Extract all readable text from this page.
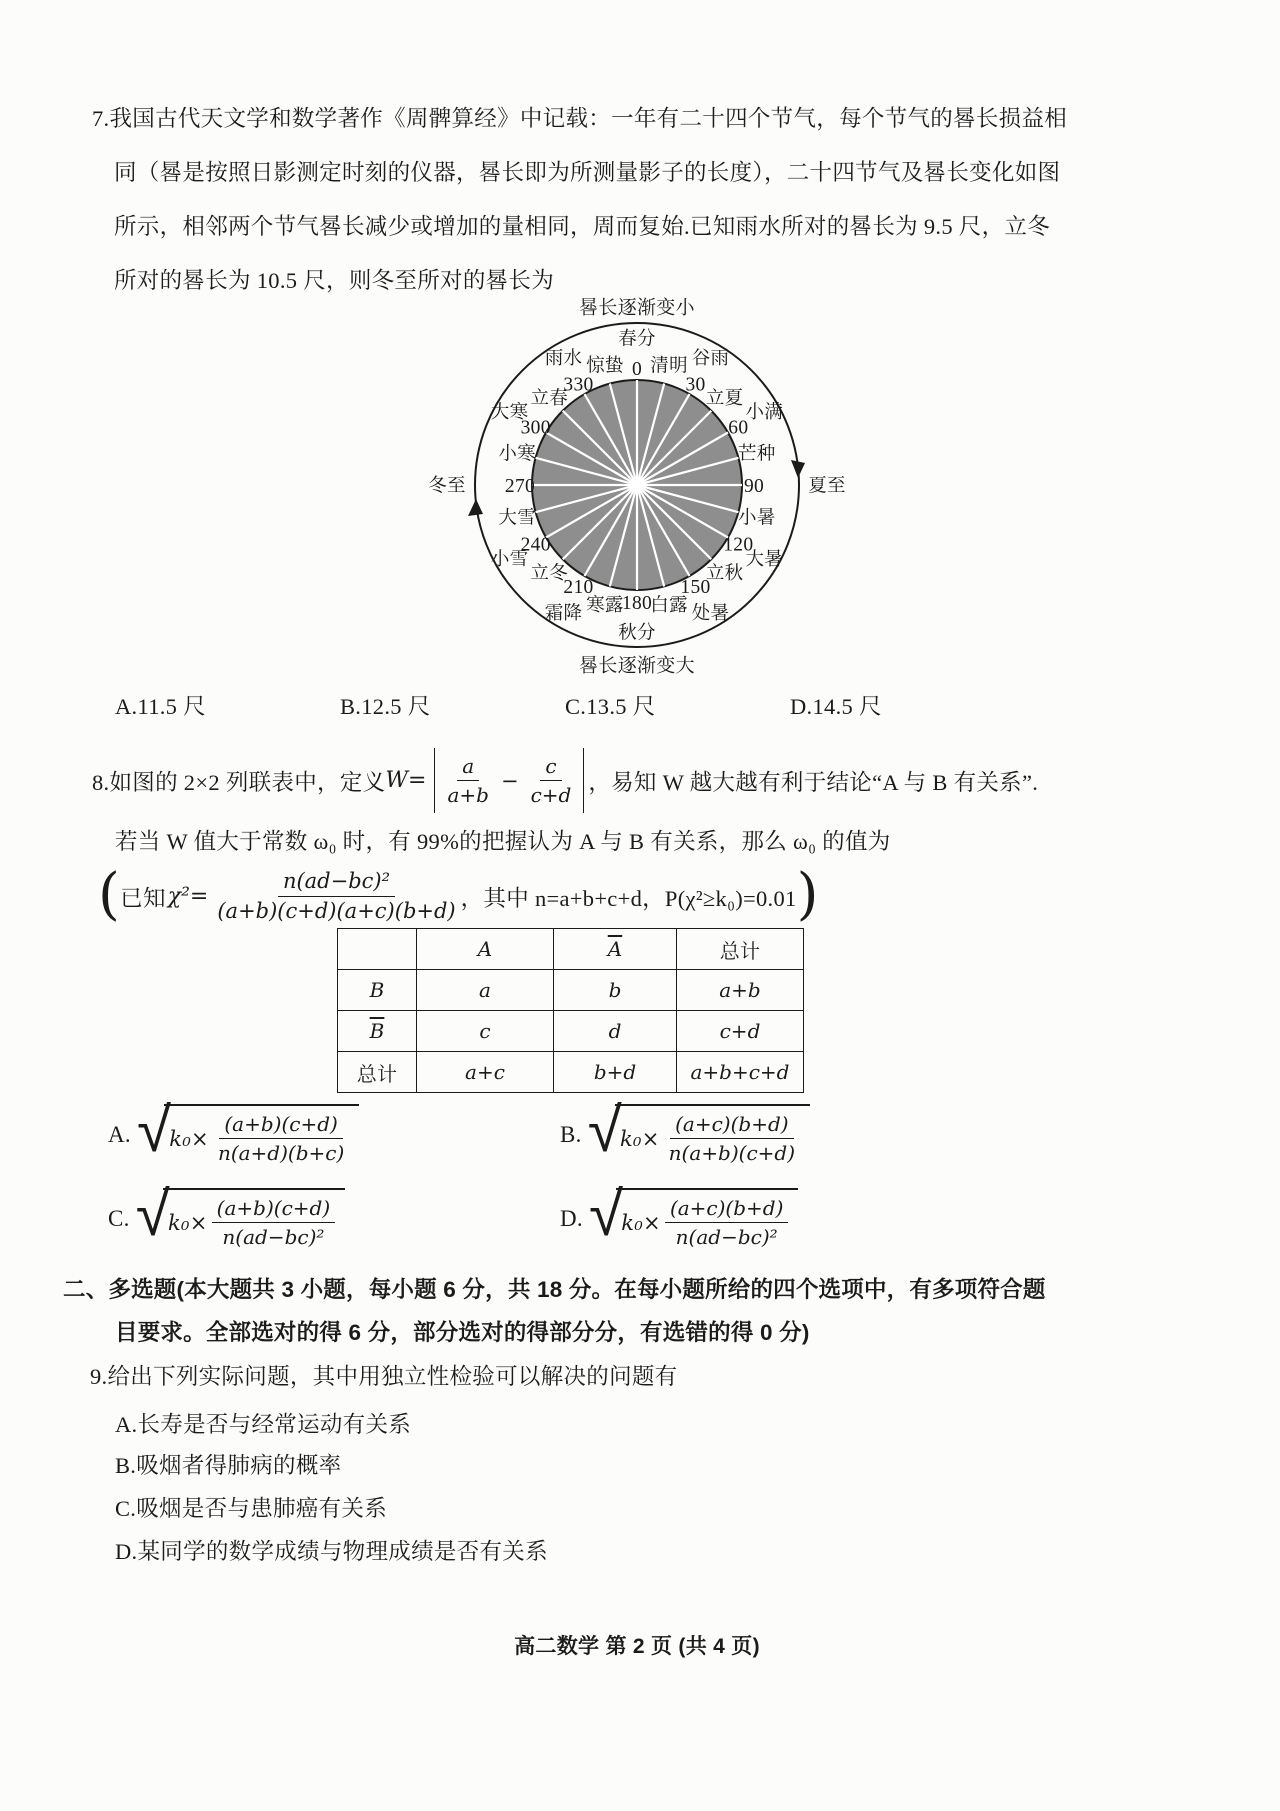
7.我国古代天文学和数学著作《周髀算经》中记载：一年有二十四个节气，每个节气的晷长损益相
同（晷是按照日影测定时刻的仪器，晷长即为所测量影子的长度），二十四节气及晷长变化如图
所示，相邻两个节气晷长减少或增加的量相同，周而复始.已知雨水所对的晷长为 9.5 尺，立冬
所对的晷长为 10.5 尺，则冬至所对的晷长为
0
30
60
90
120
150
180
210
240
270
300
330
清明
立夏
芒种
小暑
立秋
白露
寒露
立冬
大雪
小寒
立春
惊蛰
春分
谷雨
小满
夏至
大暑
处暑
秋分
霜降
小雪
冬至
大寒
雨水
晷长逐渐变小
晷长逐渐变大
A.11.5 尺	B.12.5 尺	C.13.5 尺	D.14.5 尺
8.如图的 2×2 列联表中，定义 $W= \frac{a}{a+b} - \frac{c}{c+d}$ ，易知 W 越大越有利于结论“A 与 B 有关系”.
若当 W 值大于常数 ω₀ 时，有 99%的把握认为 A 与 B 有关系，那么 ω₀ 的值为
( 已知 $\chi^2= \frac{\text{n(ad−bc)²}}{(a+b)(c+d)(a+c)(b+d)}$ ，其中 n=a+b+c+d，P(χ²≥k₀)=0.01 )
	A	$\overline{A}$	总计
B	a	b	a+b
$\overline{B}$	c	d	c+d
总计	a+c	b+d	a+b+c+d
A. √
$k_0\times \frac{(a+b)(c+d)}{n(a+d)(b+c)}$	B. √
$k_0\times \frac{(a+c)(b+d)}{n(a+b)(c+d)}$
C. √
$k_0\times \frac{(a+b)(c+d)}{\text{n(ad−bc)²}}$	D. √
$k_0\times \frac{(a+c)(b+d)}{\text{n(ad−bc)²}}$
二、多选题(本大题共 3 小题，每小题 6 分，共 18 分。在每小题所给的四个选项中，有多项符合题
目要求。全部选对的得 6 分，部分选对的得部分分，有选错的得 0 分)
9.给出下列实际问题，其中用独立性检验可以解决的问题有
A.长寿是否与经常运动有关系
B.吸烟者得肺病的概率
C.吸烟是否与患肺癌有关系
D.某同学的数学成绩与物理成绩是否有关系
高二数学 第 2 页 (共 4 页)
